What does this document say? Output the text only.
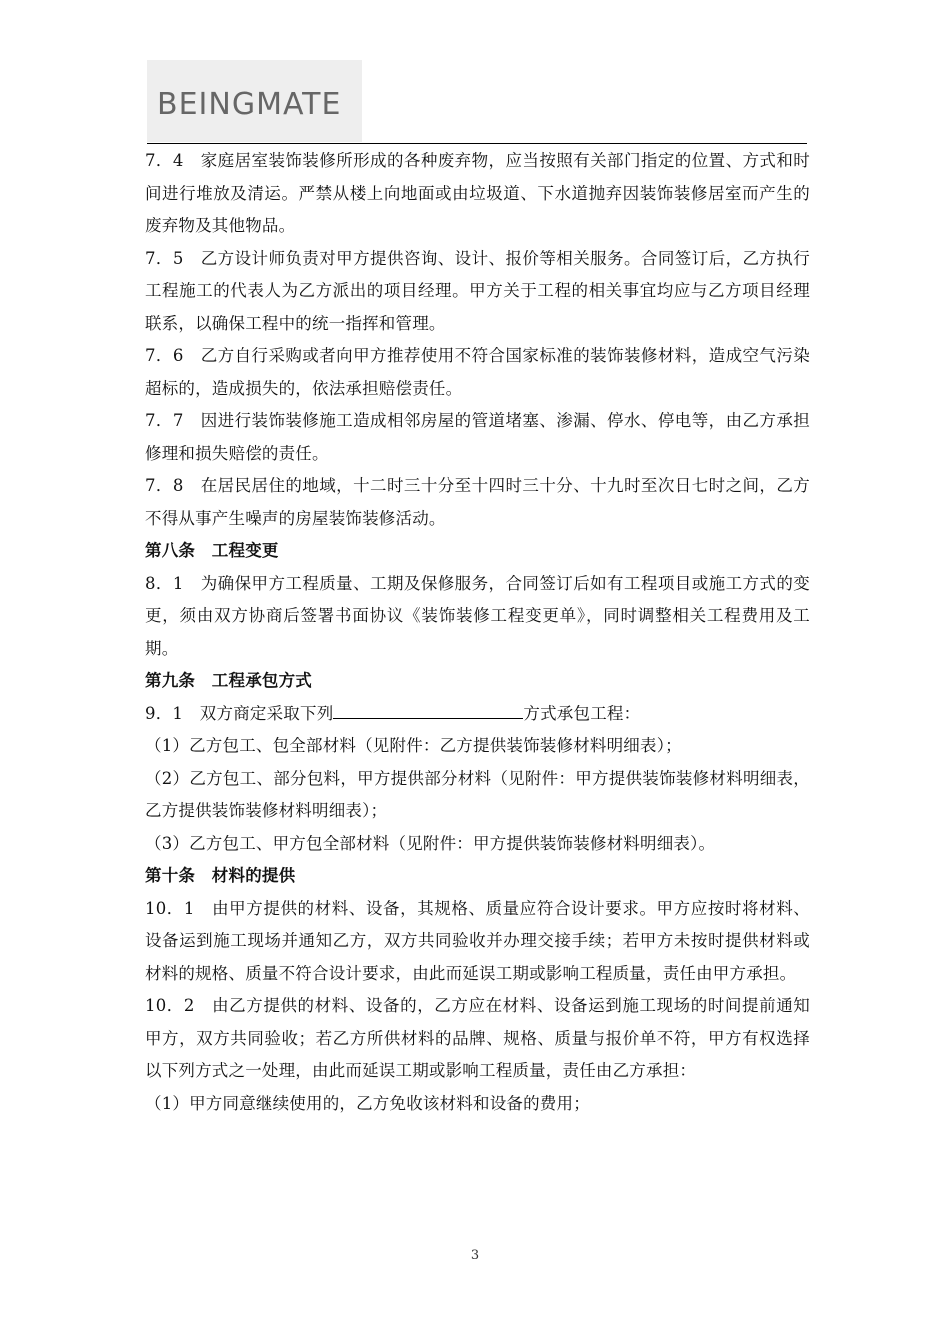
BEINGMATE

7．4　家庭居室装饰装修所形成的各种废弃物，应当按照有关部门指定的位置、方式和时间进行堆放及清运。严禁从楼上向地面或由垃圾道、下水道抛弃因装饰装修居室而产生的废弃物及其他物品。

7．5　乙方设计师负责对甲方提供咨询、设计、报价等相关服务。合同签订后，乙方执行工程施工的代表人为乙方派出的项目经理。甲方关于工程的相关事宜均应与乙方项目经理联系，以确保工程中的统一指挥和管理。

7．6　乙方自行采购或者向甲方推荐使用不符合国家标准的装饰装修材料，造成空气污染超标的，造成损失的，依法承担赔偿责任。

7．7　因进行装饰装修施工造成相邻房屋的管道堵塞、渗漏、停水、停电等，由乙方承担修理和损失赔偿的责任。

7．8　在居民居住的地域，十二时三十分至十四时三十分、十九时至次日七时之间，乙方不得从事产生噪声的房屋装饰装修活动。

第八条　工程变更

8．1　为确保甲方工程质量、工期及保修服务，合同签订后如有工程项目或施工方式的变更，须由双方协商后签署书面协议《装饰装修工程变更单》，同时调整相关工程费用及工期。

第九条　工程承包方式

9．1　双方商定采取下列	方式承包工程：

（1）乙方包工、包全部材料（见附件：乙方提供装饰装修材料明细表）；

（2）乙方包工、部分包料，甲方提供部分材料（见附件：甲方提供装饰装修材料明细表，乙方提供装饰装修材料明细表）；

（3）乙方包工、甲方包全部材料（见附件：甲方提供装饰装修材料明细表）。

第十条　材料的提供

10．1　由甲方提供的材料、设备，其规格、质量应符合设计要求。甲方应按时将材料、设备运到施工现场并通知乙方，双方共同验收并办理交接手续；若甲方未按时提供材料或材料的规格、质量不符合设计要求，由此而延误工期或影响工程质量，责任由甲方承担。

10．2　由乙方提供的材料、设备的，乙方应在材料、设备运到施工现场的时间提前通知甲方，双方共同验收；若乙方所供材料的品牌、规格、质量与报价单不符，甲方有权选择以下列方式之一处理，由此而延误工期或影响工程质量，责任由乙方承担：

（1）甲方同意继续使用的，乙方免收该材料和设备的费用；

3
